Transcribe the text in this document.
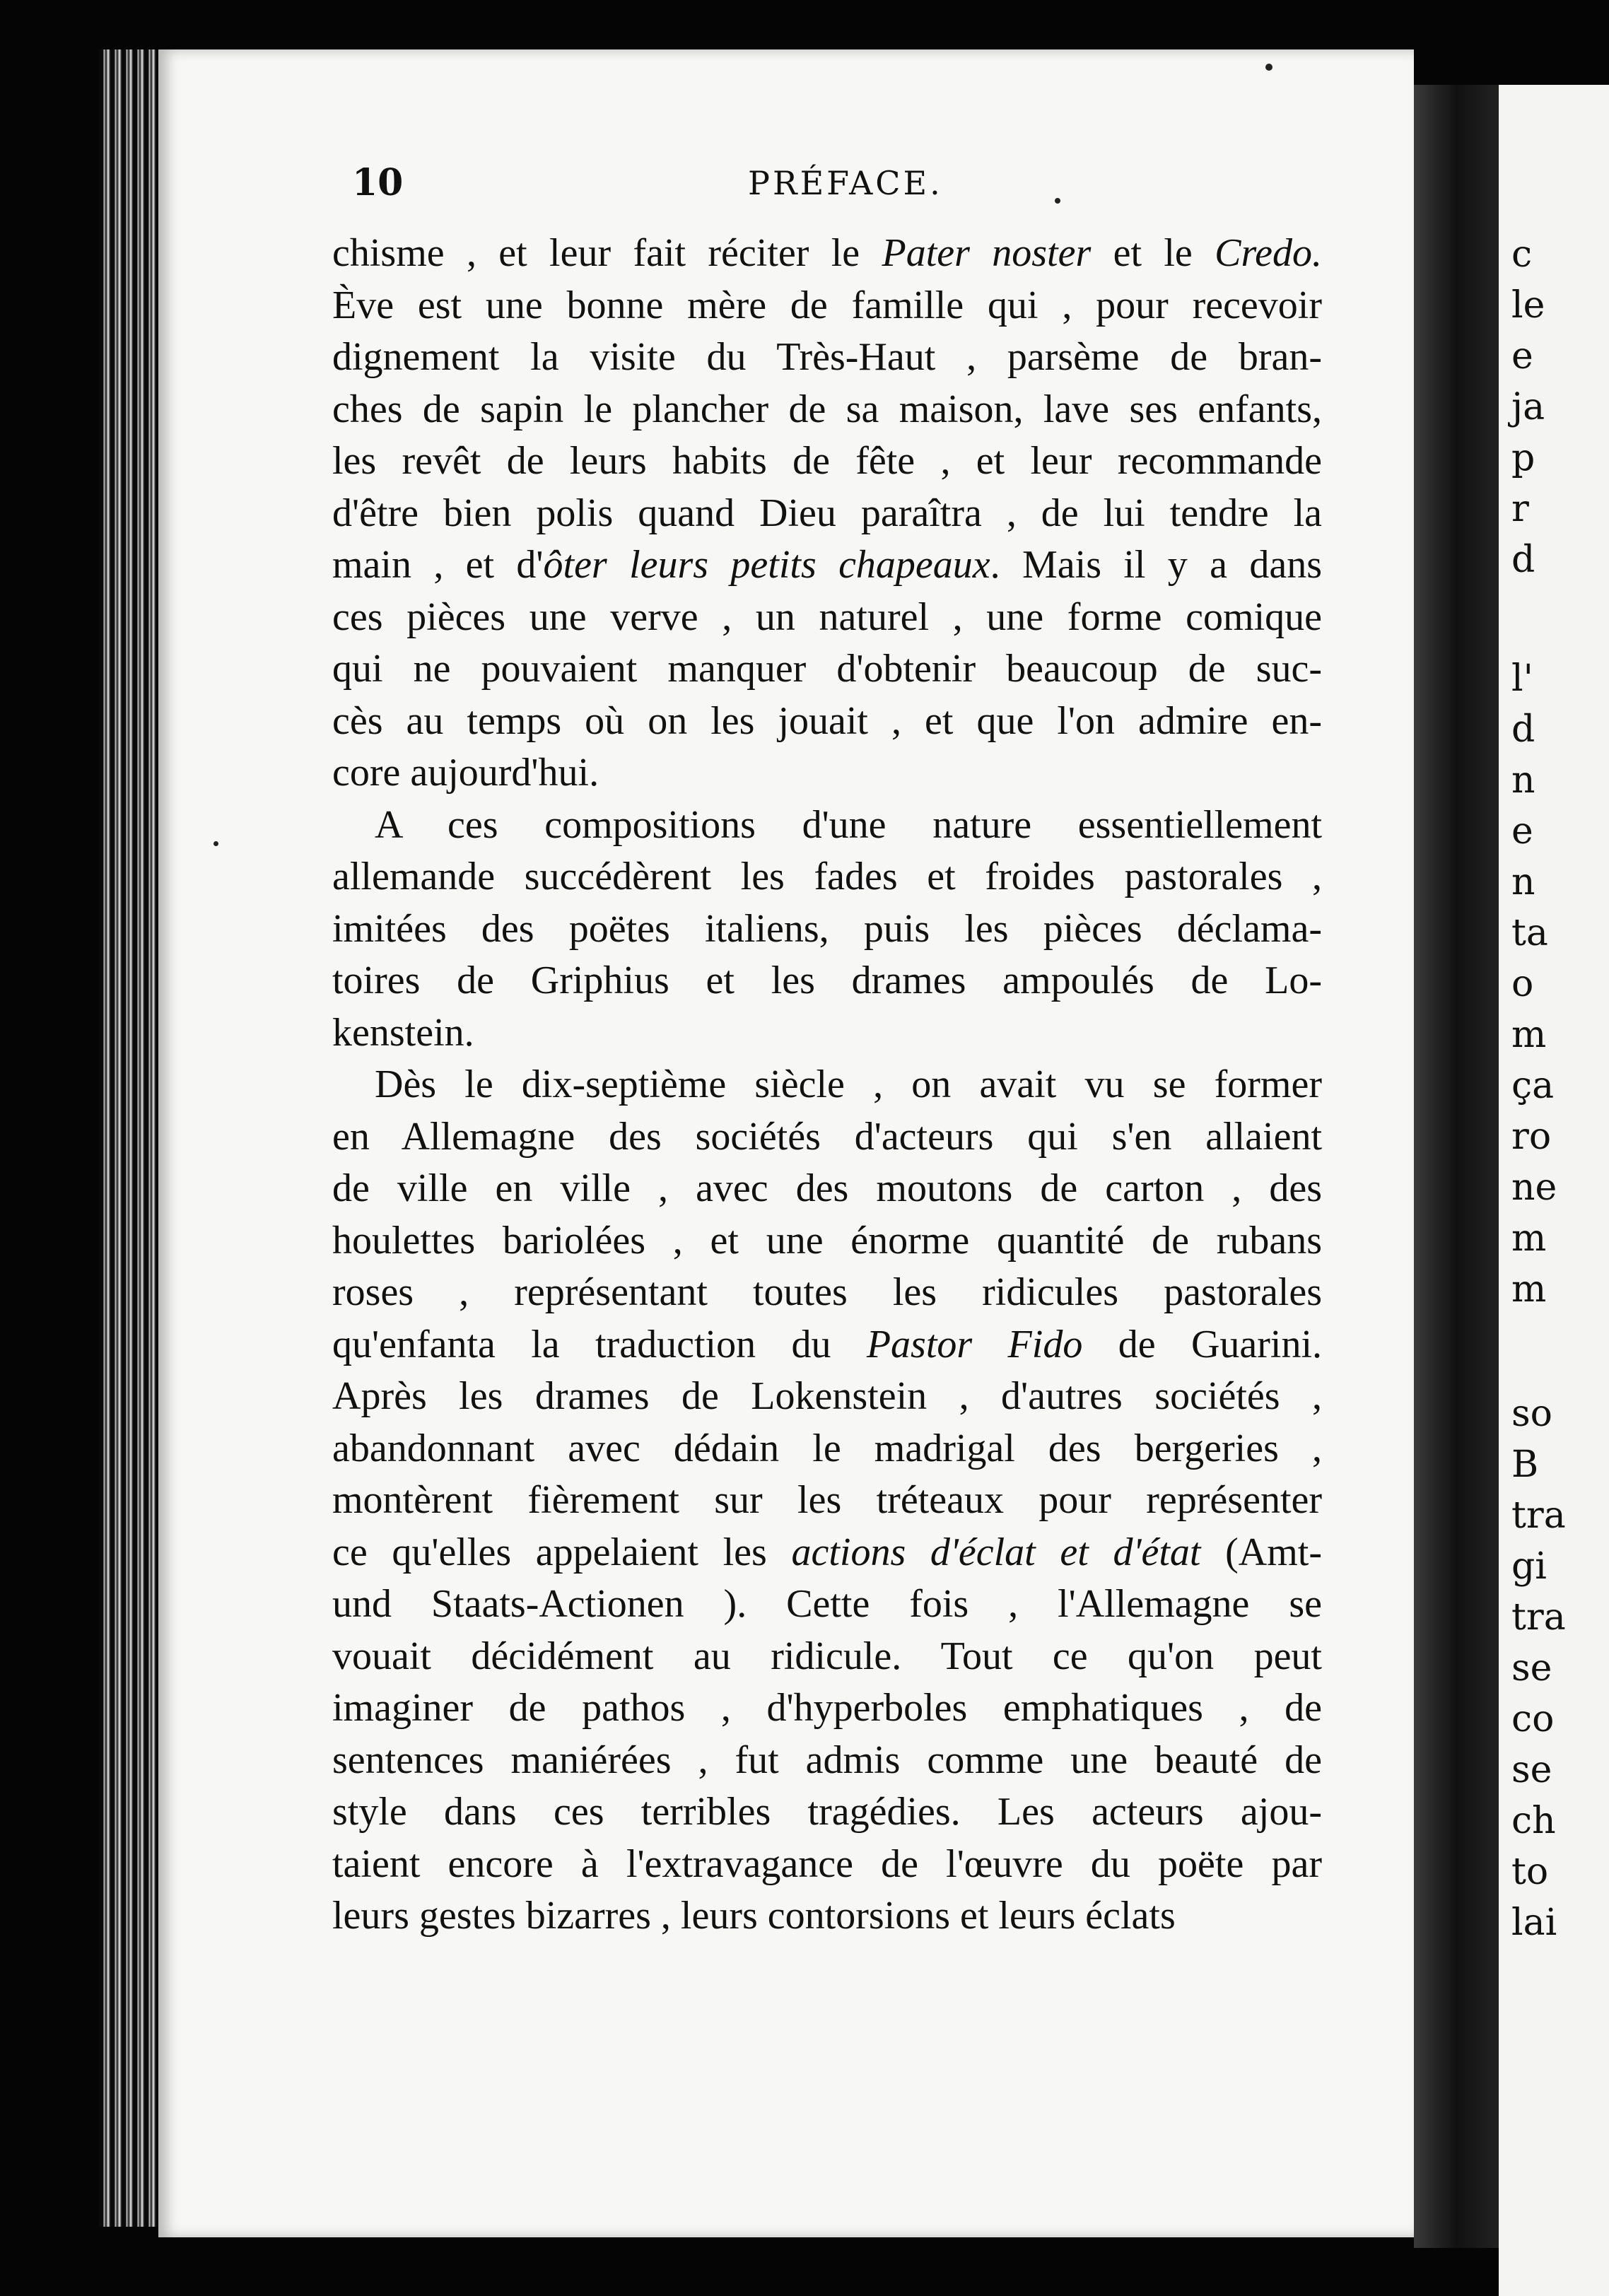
c
le
e
ja
p
r
d
l'
d
n
e
n
ta
o
m
ça
ro
ne
m
m
so
B
tra
gi
tra
se
co
se
ch
to
lai
10	PRÉFACE.
chisme , et leur fait réciter le Pater noster et le Credo.
Ève est une bonne mère de famille qui , pour recevoir
dignement la visite du Très-Haut , parsème de bran-
ches de sapin le plancher de sa maison, lave ses enfants,
les revêt de leurs habits de fête , et leur recommande
d'être bien polis quand Dieu paraîtra , de lui tendre la
main , et d'ôter leurs petits chapeaux. Mais il y a dans
ces pièces une verve , un naturel , une forme comique
qui ne pouvaient manquer d'obtenir beaucoup de suc-
cès au temps où on les jouait , et que l'on admire en-
core aujourd'hui.
A ces compositions d'une nature essentiellement
allemande succédèrent les fades et froides pastorales ,
imitées des poëtes italiens, puis les pièces déclama-
toires de Griphius et les drames ampoulés de Lo-
kenstein.
Dès le dix-septième siècle , on avait vu se former
en Allemagne des sociétés d'acteurs qui s'en allaient
de ville en ville , avec des moutons de carton , des
houlettes bariolées , et une énorme quantité de rubans
roses , représentant toutes les ridicules pastorales
qu'enfanta la traduction du Pastor Fido de Guarini.
Après les drames de Lokenstein , d'autres sociétés ,
abandonnant avec dédain le madrigal des bergeries ,
montèrent fièrement sur les tréteaux pour représenter
ce qu'elles appelaient les actions d'éclat et d'état (Amt-
und Staats-Actionen ). Cette fois , l'Allemagne se
vouait décidément au ridicule. Tout ce qu'on peut
imaginer de pathos , d'hyperboles emphatiques , de
sentences maniérées , fut admis comme une beauté de
style dans ces terribles tragédies. Les acteurs ajou-
taient encore à l'extravagance de l'œuvre du poëte par
leurs gestes bizarres , leurs contorsions et leurs éclats
